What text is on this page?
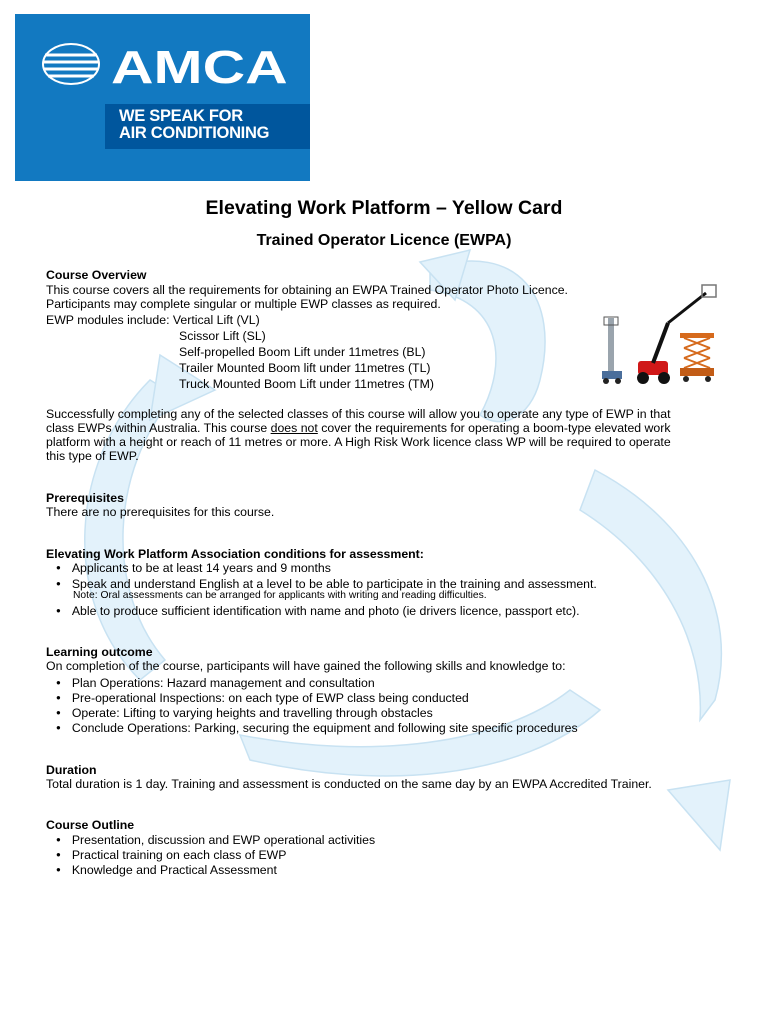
AMCA
WE SPEAK FOR
AIR CONDITIONING
Elevating Work Platform – Yellow Card
Trained Operator Licence (EWPA)
Course Overview
This course covers all the requirements for obtaining an EWPA Trained Operator Photo Licence.
Participants may complete singular or multiple EWP classes as required.
EWP modules include: Vertical Lift (VL)
Scissor Lift (SL)
Self-propelled Boom Lift under 11metres (BL)
Trailer Mounted Boom lift under 11metres (TL)
Truck Mounted Boom Lift under 11metres (TM)
Successfully completing any of the selected classes of this course will allow you to operate any type of EWP in that
class EWPs within Australia. This course does not cover the requirements for operating a boom-type elevated work
platform with a height or reach of 11 metres or more. A High Risk Work licence class WP will be required to operate
this type of EWP.
Prerequisites
There are no prerequisites for this course.
Elevating Work Platform Association conditions for assessment:
● Applicants to be at least 14 years and 9 months
● Speak and understand English at a level to be able to participate in the training and assessment.
Note: Oral assessments can be arranged for applicants with writing and reading difficulties.
● Able to produce sufficient identification with name and photo (ie drivers licence, passport etc).
Learning outcome
On completion of the course, participants will have gained the following skills and knowledge to:
● Plan Operations: Hazard management and consultation
● Pre-operational Inspections: on each type of EWP class being conducted
● Operate: Lifting to varying heights and travelling through obstacles
● Conclude Operations: Parking, securing the equipment and following site specific procedures
Duration
Total duration is 1 day. Training and assessment is conducted on the same day by an EWPA Accredited Trainer.
Course Outline
● Presentation, discussion and EWP operational activities
● Practical training on each class of EWP
● Knowledge and Practical Assessment
